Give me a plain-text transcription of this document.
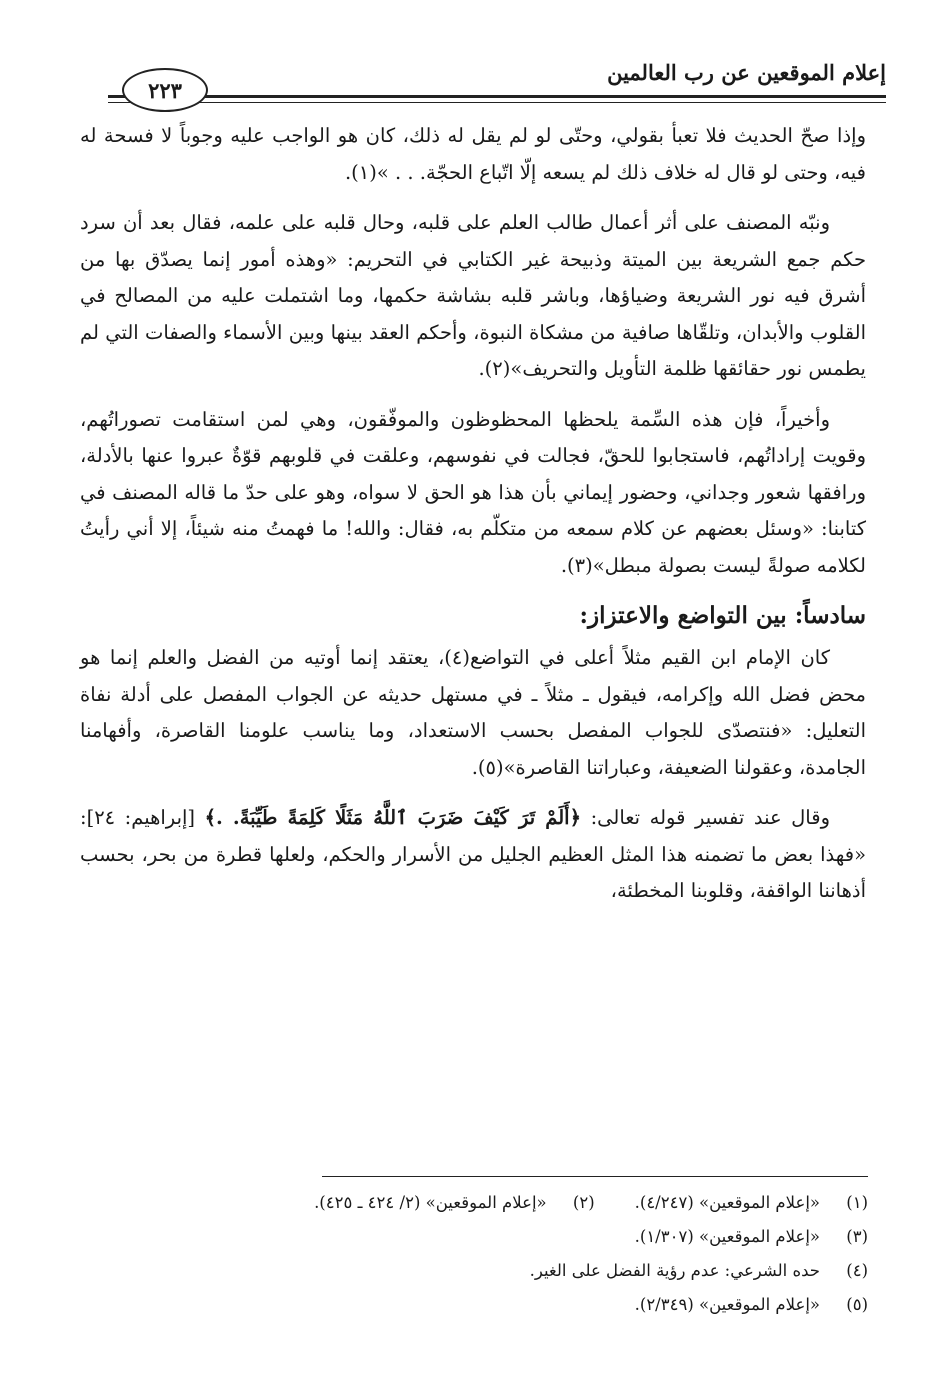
إعلام الموقعين عن رب العالمين
٢٢٣

وإذا صحّ الحديث فلا تعبأ بقولي، وحتّى لو لم يقل له ذلك، كان هو الواجب عليه وجوباً لا فسحة له فيه، وحتى لو قال له خلاف ذلك لم يسعه إلّا اتّباع الحجّة. . . »(١).

ونبّه المصنف على أثر أعمال طالب العلم على قلبه، وحال قلبه على علمه، فقال بعد أن سرد حكم جمع الشريعة بين الميتة وذبيحة غير الكتابي في التحريم: «وهذه أمور إنما يصدّق بها من أشرق فيه نور الشريعة وضياؤها، وباشر قلبه بشاشة حكمها، وما اشتملت عليه من المصالح في القلوب والأبدان، وتلقّاها صافية من مشكاة النبوة، وأحكم العقد بينها وبين الأسماء والصفات التي لم يطمس نور حقائقها ظلمة التأويل والتحريف»(٢).

وأخيراً، فإن هذه السِّمة يلحظها المحظوظون والموفّقون، وهي لمن استقامت تصوراتُهم، وقويت إراداتُهم، فاستجابوا للحقّ، فجالت في نفوسهم، وعلقت في قلوبهم قوّةٌ عبروا عنها بالأدلة، ورافقها شعور وجداني، وحضور إيماني بأن هذا هو الحق لا سواه، وهو على حدّ ما قاله المصنف في كتابنا: «وسئل بعضهم عن كلام سمعه من متكلّم به، فقال: والله! ما فهمتُ منه شيئاً، إلا أني رأيتُ لكلامه صولةً ليست بصولة مبطل»(٣).

سادساً: بين التواضع والاعتزاز:

كان الإمام ابن القيم مثلاً أعلى في التواضع(٤)، يعتقد إنما أوتيه من الفضل والعلم إنما هو محض فضل الله وإكرامه، فيقول ـ مثلاً ـ في مستهل حديثه عن الجواب المفصل على أدلة نفاة التعليل: «فنتصدّى للجواب المفصل بحسب الاستعداد، وما يناسب علومنا القاصرة، وأفهامنا الجامدة، وعقولنا الضعيفة، وعباراتنا القاصرة»(٥).

وقال عند تفسير قوله تعالى: ﴿أَلَمْ تَرَ كَيْفَ ضَرَبَ ٱللَّهُ مَثَلًا كَلِمَةً طَيِّبَةً. .﴾ [إبراهيم: ٢٤]: «فهذا بعض ما تضمنه هذا المثل العظيم الجليل من الأسرار والحكم، ولعلها قطرة من بحر، بحسب أذهاننا الواقفة، وقلوبنا المخطئة،

(١)«إعلام الموقعين» (٤/٢٤٧).(٢)«إعلام الموقعين» (٢/ ٤٢٤ ـ ٤٢٥).
(٣)«إعلام الموقعين» (١/٣٠٧).
(٤)حده الشرعي: عدم رؤية الفضل على الغير.
(٥)«إعلام الموقعين» (٢/٣٤٩).
